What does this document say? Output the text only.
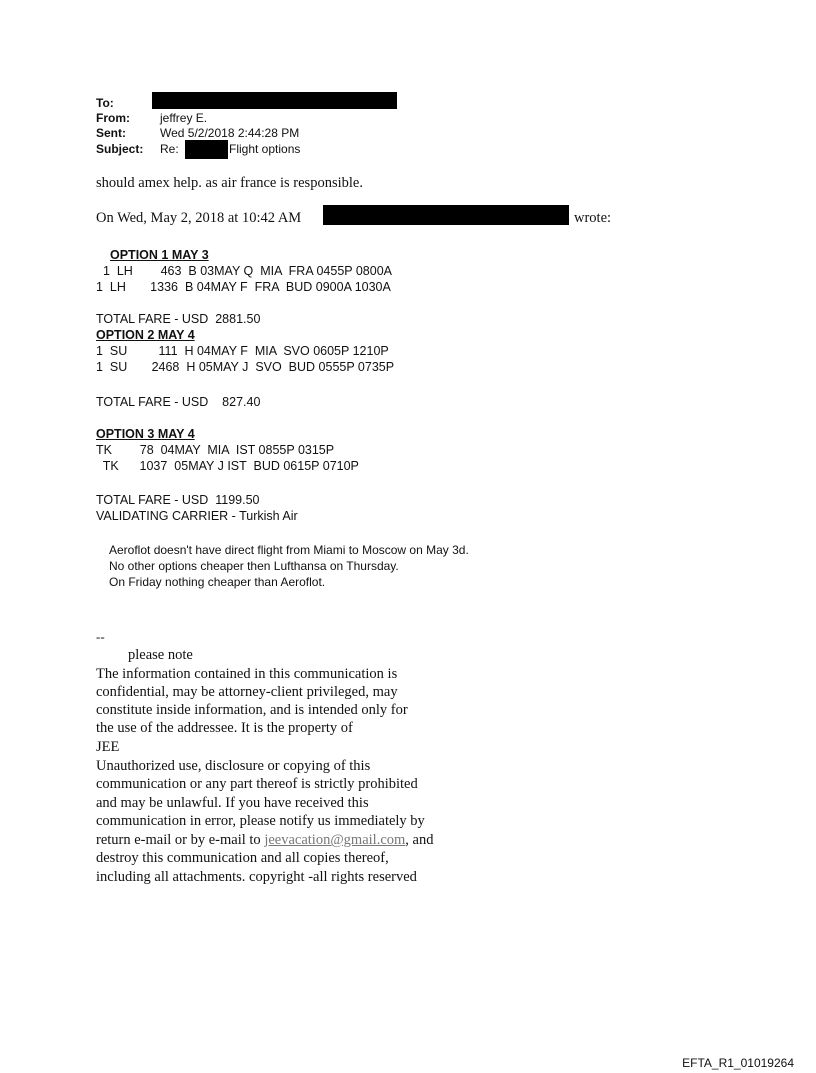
To:
From:	jeffrey E.
Sent:	Wed 5/2/2018 2:44:28 PM
Subject: Re:	Flight options
should amex help. as air france is responsible.
On Wed, May 2, 2018 at 10:42 AM	wrote:
OPTION 1 MAY 3
1  LH        463  B 03MAY Q  MIA  FRA 0455P 0800A
1  LH       1336  B 04MAY F  FRA  BUD 0900A 1030A
TOTAL FARE - USD  2881.50
OPTION 2 MAY 4
1  SU         111  H 04MAY F  MIA  SVO 0605P 1210P
1  SU       2468  H 05MAY J  SVO  BUD 0555P 0735P
TOTAL FARE - USD    827.40
OPTION 3 MAY 4
TK        78  04MAY  MIA  IST 0855P 0315P
TK      1037  05MAY J IST  BUD 0615P 0710P
TOTAL FARE - USD  1199.50
VALIDATING CARRIER - Turkish Air
Aeroflot doesn't have direct flight from Miami to Moscow on May 3d.
No other options cheaper then Lufthansa on Thursday.
On Friday nothing cheaper than Aeroflot.
--
please note
The information contained in this communication is
confidential, may be attorney-client privileged, may
constitute inside information, and is intended only for
the use of the addressee. It is the property of
JEE
Unauthorized use, disclosure or copying of this
communication or any part thereof is strictly prohibited
and may be unlawful. If you have received this
communication in error, please notify us immediately by
return e-mail or by e-mail to jeevacation@gmail.com, and
destroy this communication and all copies thereof,
including all attachments. copyright -all rights reserved
EFTA_R1_01019264
